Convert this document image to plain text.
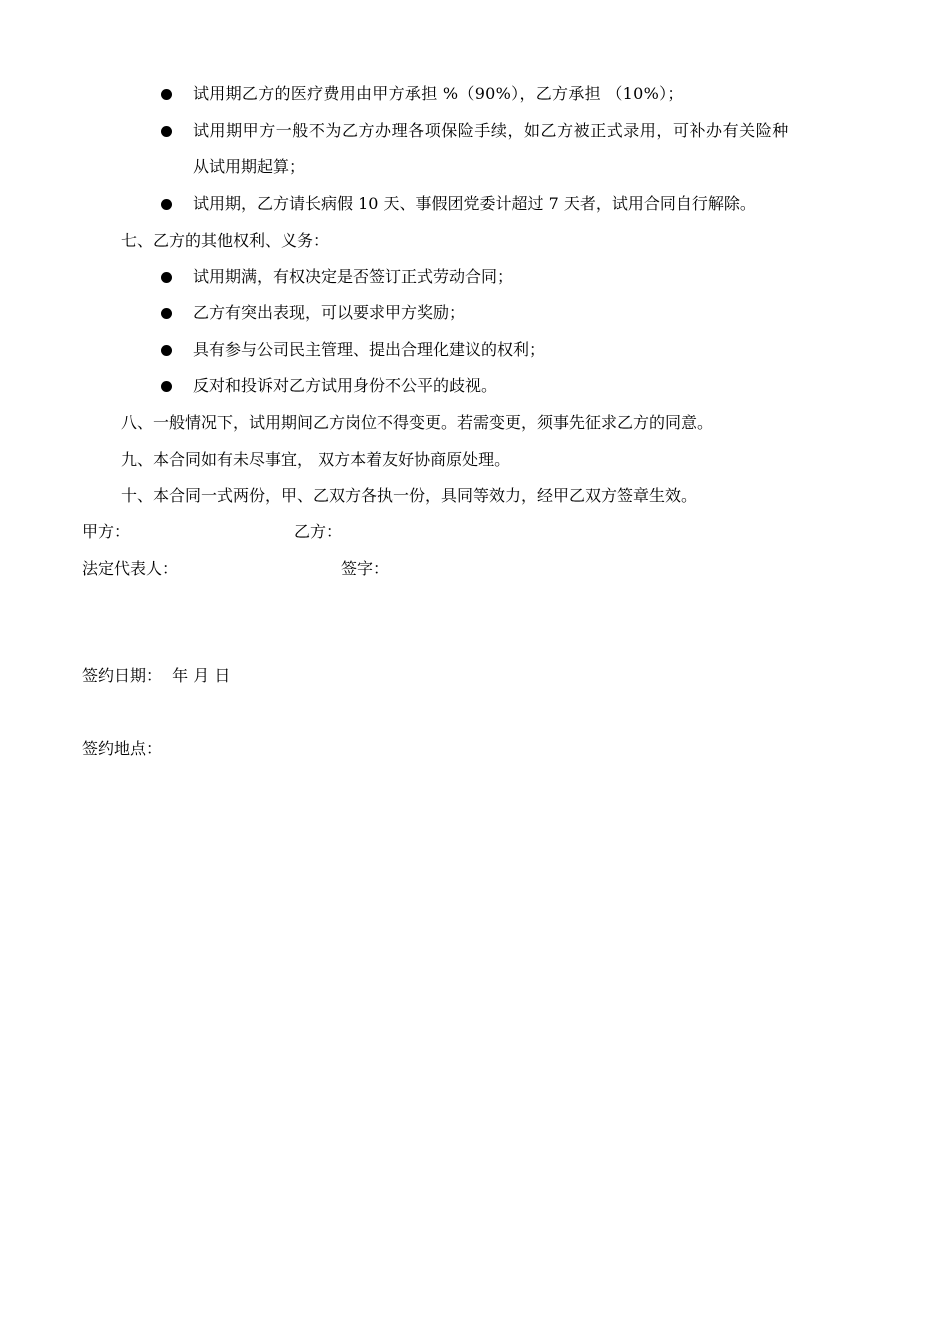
试用期乙方的医疗费用由甲方承担 %（90%），乙方承担 （10%）；
试用期甲方一般不为乙方办理各项保险手续，如乙方被正式录用，可补办有关险种
从试用期起算；
试用期，乙方请长病假 10 天、事假团党委计超过 7 天者，试用合同自行解除。
七、乙方的其他权利、义务：
试用期满，有权决定是否签订正式劳动合同；
乙方有突出表现，可以要求甲方奖励；
具有参与公司民主管理、提出合理化建议的权利；
反对和投诉对乙方试用身份不公平的歧视。
八、一般情况下，试用期间乙方岗位不得变更。若需变更，须事先征求乙方的同意。
九、本合同如有未尽事宜， 双方本着友好协商原处理。
十、本合同一式两份，甲、乙双方各执一份，具同等效力，经甲乙双方签章生效。
甲方：	乙方：
法定代表人：	签字：
签约日期：  年 月 日
签约地点：
